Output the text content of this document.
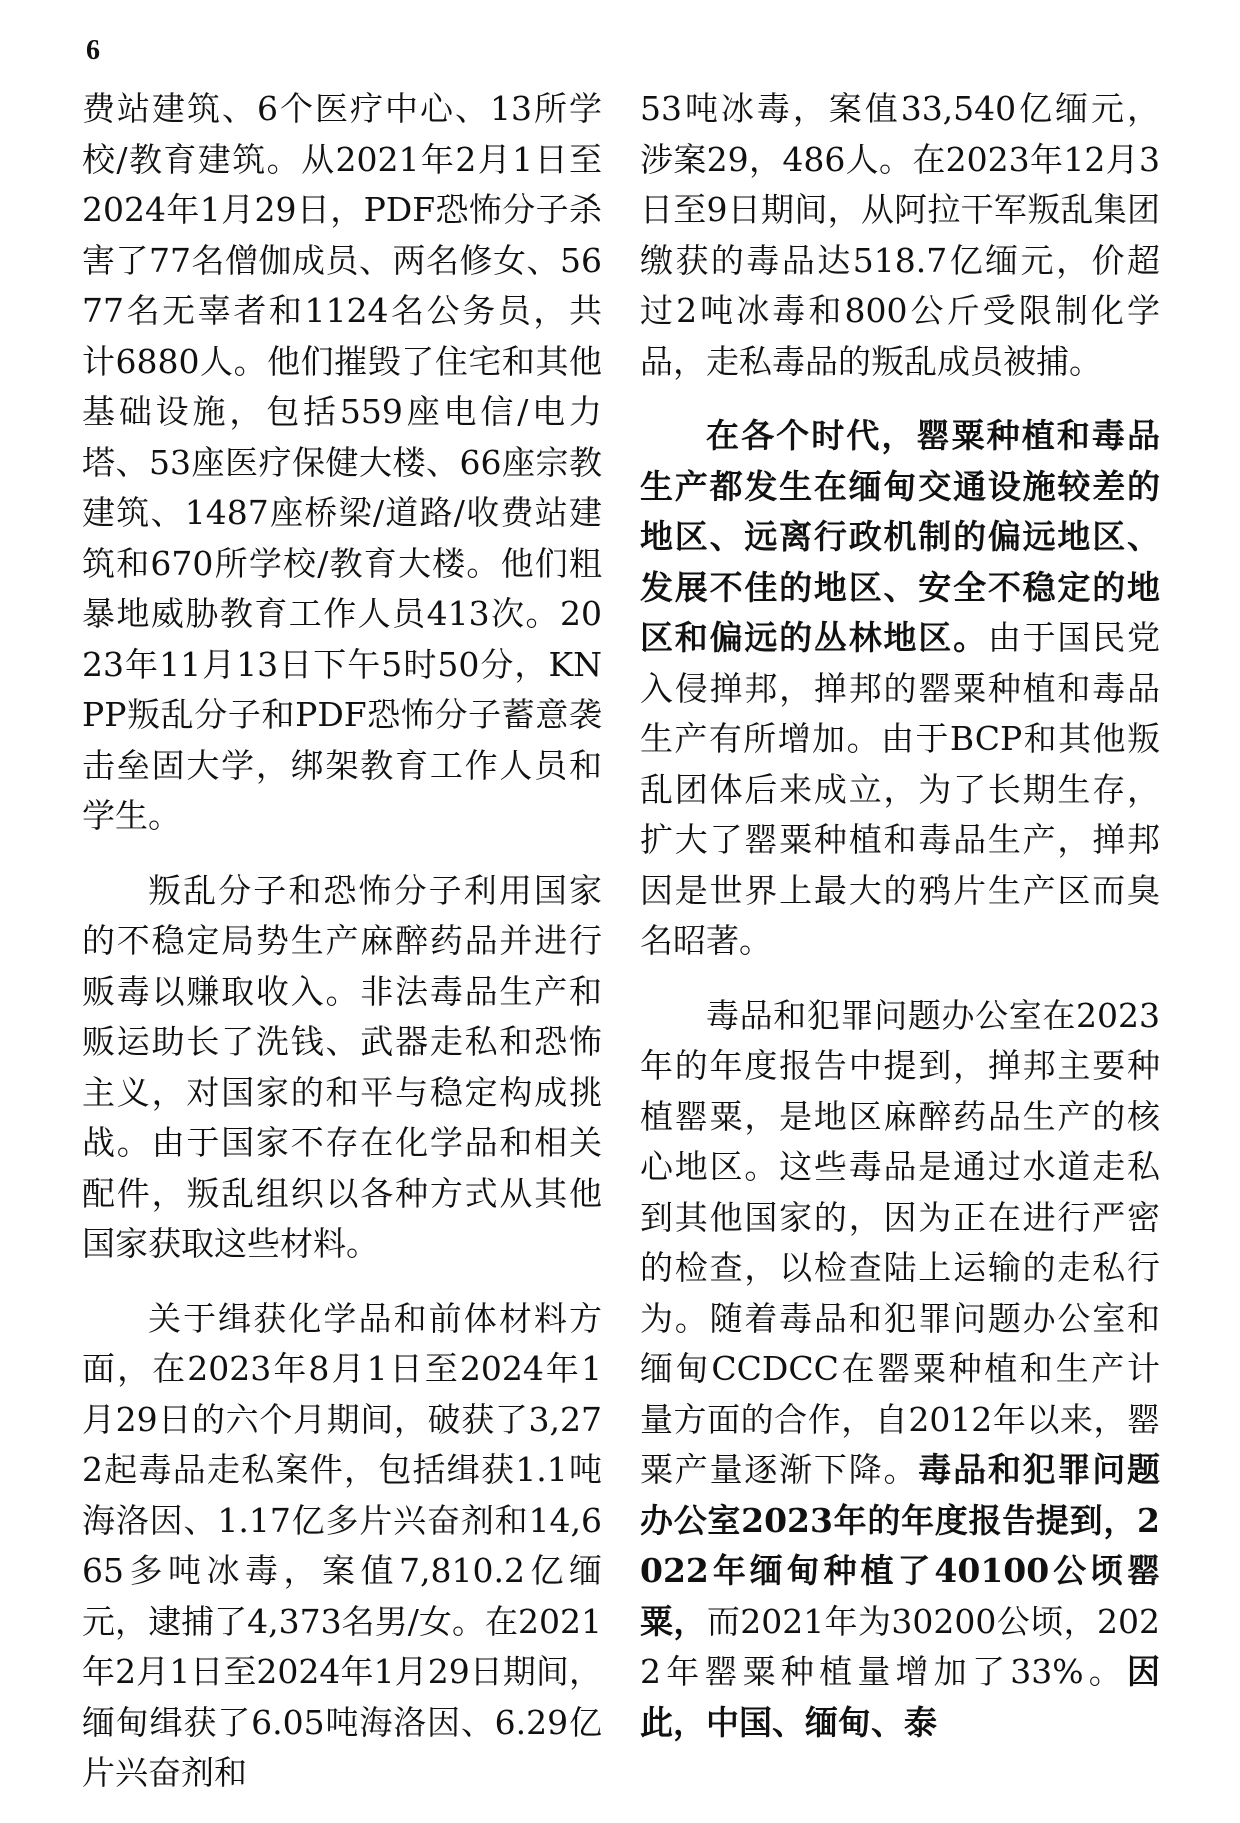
6

费站建筑、6个医疗中心、13所学校/教育建筑。从2021年2月1日至2024年1月29日，PDF恐怖分子杀害了77名僧伽成员、两名修女、5677名无辜者和1124名公务员，共计6880人。他们摧毁了住宅和其他基础设施，包括559座电信/电力塔、53座医疗保健大楼、66座宗教建筑、1487座桥梁/道路/收费站建筑和670所学校/教育大楼。他们粗暴地威胁教育工作人员413次。2023年11月13日下午5时50分，KNPP叛乱分子和PDF恐怖分子蓄意袭击垒固大学，绑架教育工作人员和学生。

叛乱分子和恐怖分子利用国家的不稳定局势生产麻醉药品并进行贩毒以赚取收入。非法毒品生产和贩运助长了洗钱、武器走私和恐怖主义，对国家的和平与稳定构成挑战。由于国家不存在化学品和相关配件，叛乱组织以各种方式从其他国家获取这些材料。

关于缉获化学品和前体材料方面，在2023年8月1日至2024年1月29日的六个月期间，破获了3,272起毒品走私案件，包括缉获1.1吨海洛因、1.17亿多片兴奋剂和14,665多吨冰毒，案值7,810.2亿缅元，逮捕了4,373名男/女。在2021年2月1日至2024年1月29日期间，缅甸缉获了6.05吨海洛因、6.29亿片兴奋剂和

53吨冰毒，案值33,540亿缅元，涉案29，486人。在2023年12月3日至9日期间，从阿拉干军叛乱集团缴获的毒品达518.7亿缅元，价超过2吨冰毒和800公斤受限制化学品，走私毒品的叛乱成员被捕。

在各个时代，罂粟种植和毒品生产都发生在缅甸交通设施较差的地区、远离行政机制的偏远地区、发展不佳的地区、安全不稳定的地区和偏远的丛林地区。由于国民党入侵掸邦，掸邦的罂粟种植和毒品生产有所增加。由于BCP和其他叛乱团体后来成立，为了长期生存，扩大了罂粟种植和毒品生产，掸邦因是世界上最大的鸦片生产区而臭名昭著。

毒品和犯罪问题办公室在2023年的年度报告中提到，掸邦主要种植罂粟，是地区麻醉药品生产的核心地区。这些毒品是通过水道走私到其他国家的，因为正在进行严密的检查，以检查陆上运输的走私行为。随着毒品和犯罪问题办公室和缅甸CCDCC在罂粟种植和生产计量方面的合作，自2012年以来，罂粟产量逐渐下降。毒品和犯罪问题办公室2023年的年度报告提到，2022年缅甸种植了40100公顷罂粟，而2021年为30200公顷，2022年罂粟种植量增加了33%。因此，中国、缅甸、泰
